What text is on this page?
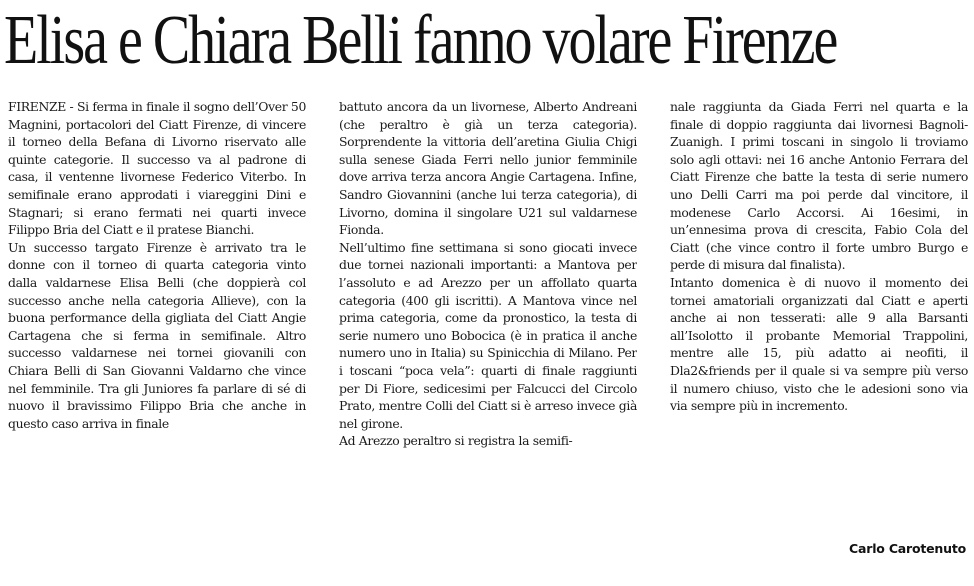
Elisa e Chiara Belli fanno volare Firenze

FIRENZE - Si ferma in finale il sogno dell’Over 50 Magnini, portacolori del Ciatt Firenze, di vincere il torneo della Befana di Livorno riservato alle quinte categorie. Il successo va al padrone di casa, il ventenne livornese Federico Viterbo. In semifinale erano approdati i viareggini Dini e Stagnari; si erano fermati nei quarti invece Filippo Bria del Ciatt e il pratese Bianchi.

Un successo targato Firenze è arrivato tra le donne con il torneo di quarta categoria vinto dalla valdarnese Elisa Belli (che doppierà col successo anche nella categoria Allieve), con la buona performance della gigliata del Ciatt Angie Cartagena che si ferma in semifinale. Altro successo valdarnese nei tornei giovanili con Chiara Belli di San Giovanni Valdarno che vince nel femminile. Tra gli Juniores fa parlare di sé di nuovo il bravissimo Filippo Bria che anche in questo caso arriva in finale

battuto ancora da un livornese, Alberto Andreani (che peraltro è già un terza categoria). Sorprendente la vittoria dell’aretina Giulia Chigi sulla senese Giada Ferri nello junior femminile dove arriva terza ancora Angie Cartagena. Infine, Sandro Giovannini (anche lui terza categoria), di Livorno, domina il singolare U21 sul valdarnese Fionda.

Nell’ultimo fine settimana si sono giocati invece due tornei nazionali importanti: a Mantova per l’assoluto e ad Arezzo per un affollato quarta categoria (400 gli iscritti). A Mantova vince nel prima categoria, come da pronostico, la testa di serie numero uno Bobocica (è in pratica il anche numero uno in Italia) su Spinicchia di Milano. Per i toscani “poca vela”: quarti di finale raggiunti per Di Fiore, sedicesimi per Falcucci del Circolo Prato, mentre Colli del Ciatt si è arreso invece già nel girone.

Ad Arezzo peraltro si registra la semifi-

nale raggiunta da Giada Ferri nel quarta e la finale di doppio raggiunta dai livornesi Bagnoli-Zuanigh. I primi toscani in singolo li troviamo solo agli ottavi: nei 16 anche Antonio Ferrara del Ciatt Firenze che batte la testa di serie numero uno Delli Carri ma poi perde dal vincitore, il modenese Carlo Accorsi. Ai 16esimi, in un’ennesima prova di crescita, Fabio Cola del Ciatt (che vince contro il forte umbro Burgo e perde di misura dal finalista).

Intanto domenica è di nuovo il momento dei tornei amatoriali organizzati dal Ciatt e aperti anche ai non tesserati: alle 9 alla Barsanti all’Isolotto il probante Memorial Trappolini, mentre alle 15, più adatto ai neofiti, il Dla2&friends per il quale si va sempre più verso il numero chiuso, visto che le adesioni sono via via sempre più in incremento.

Carlo Carotenuto
